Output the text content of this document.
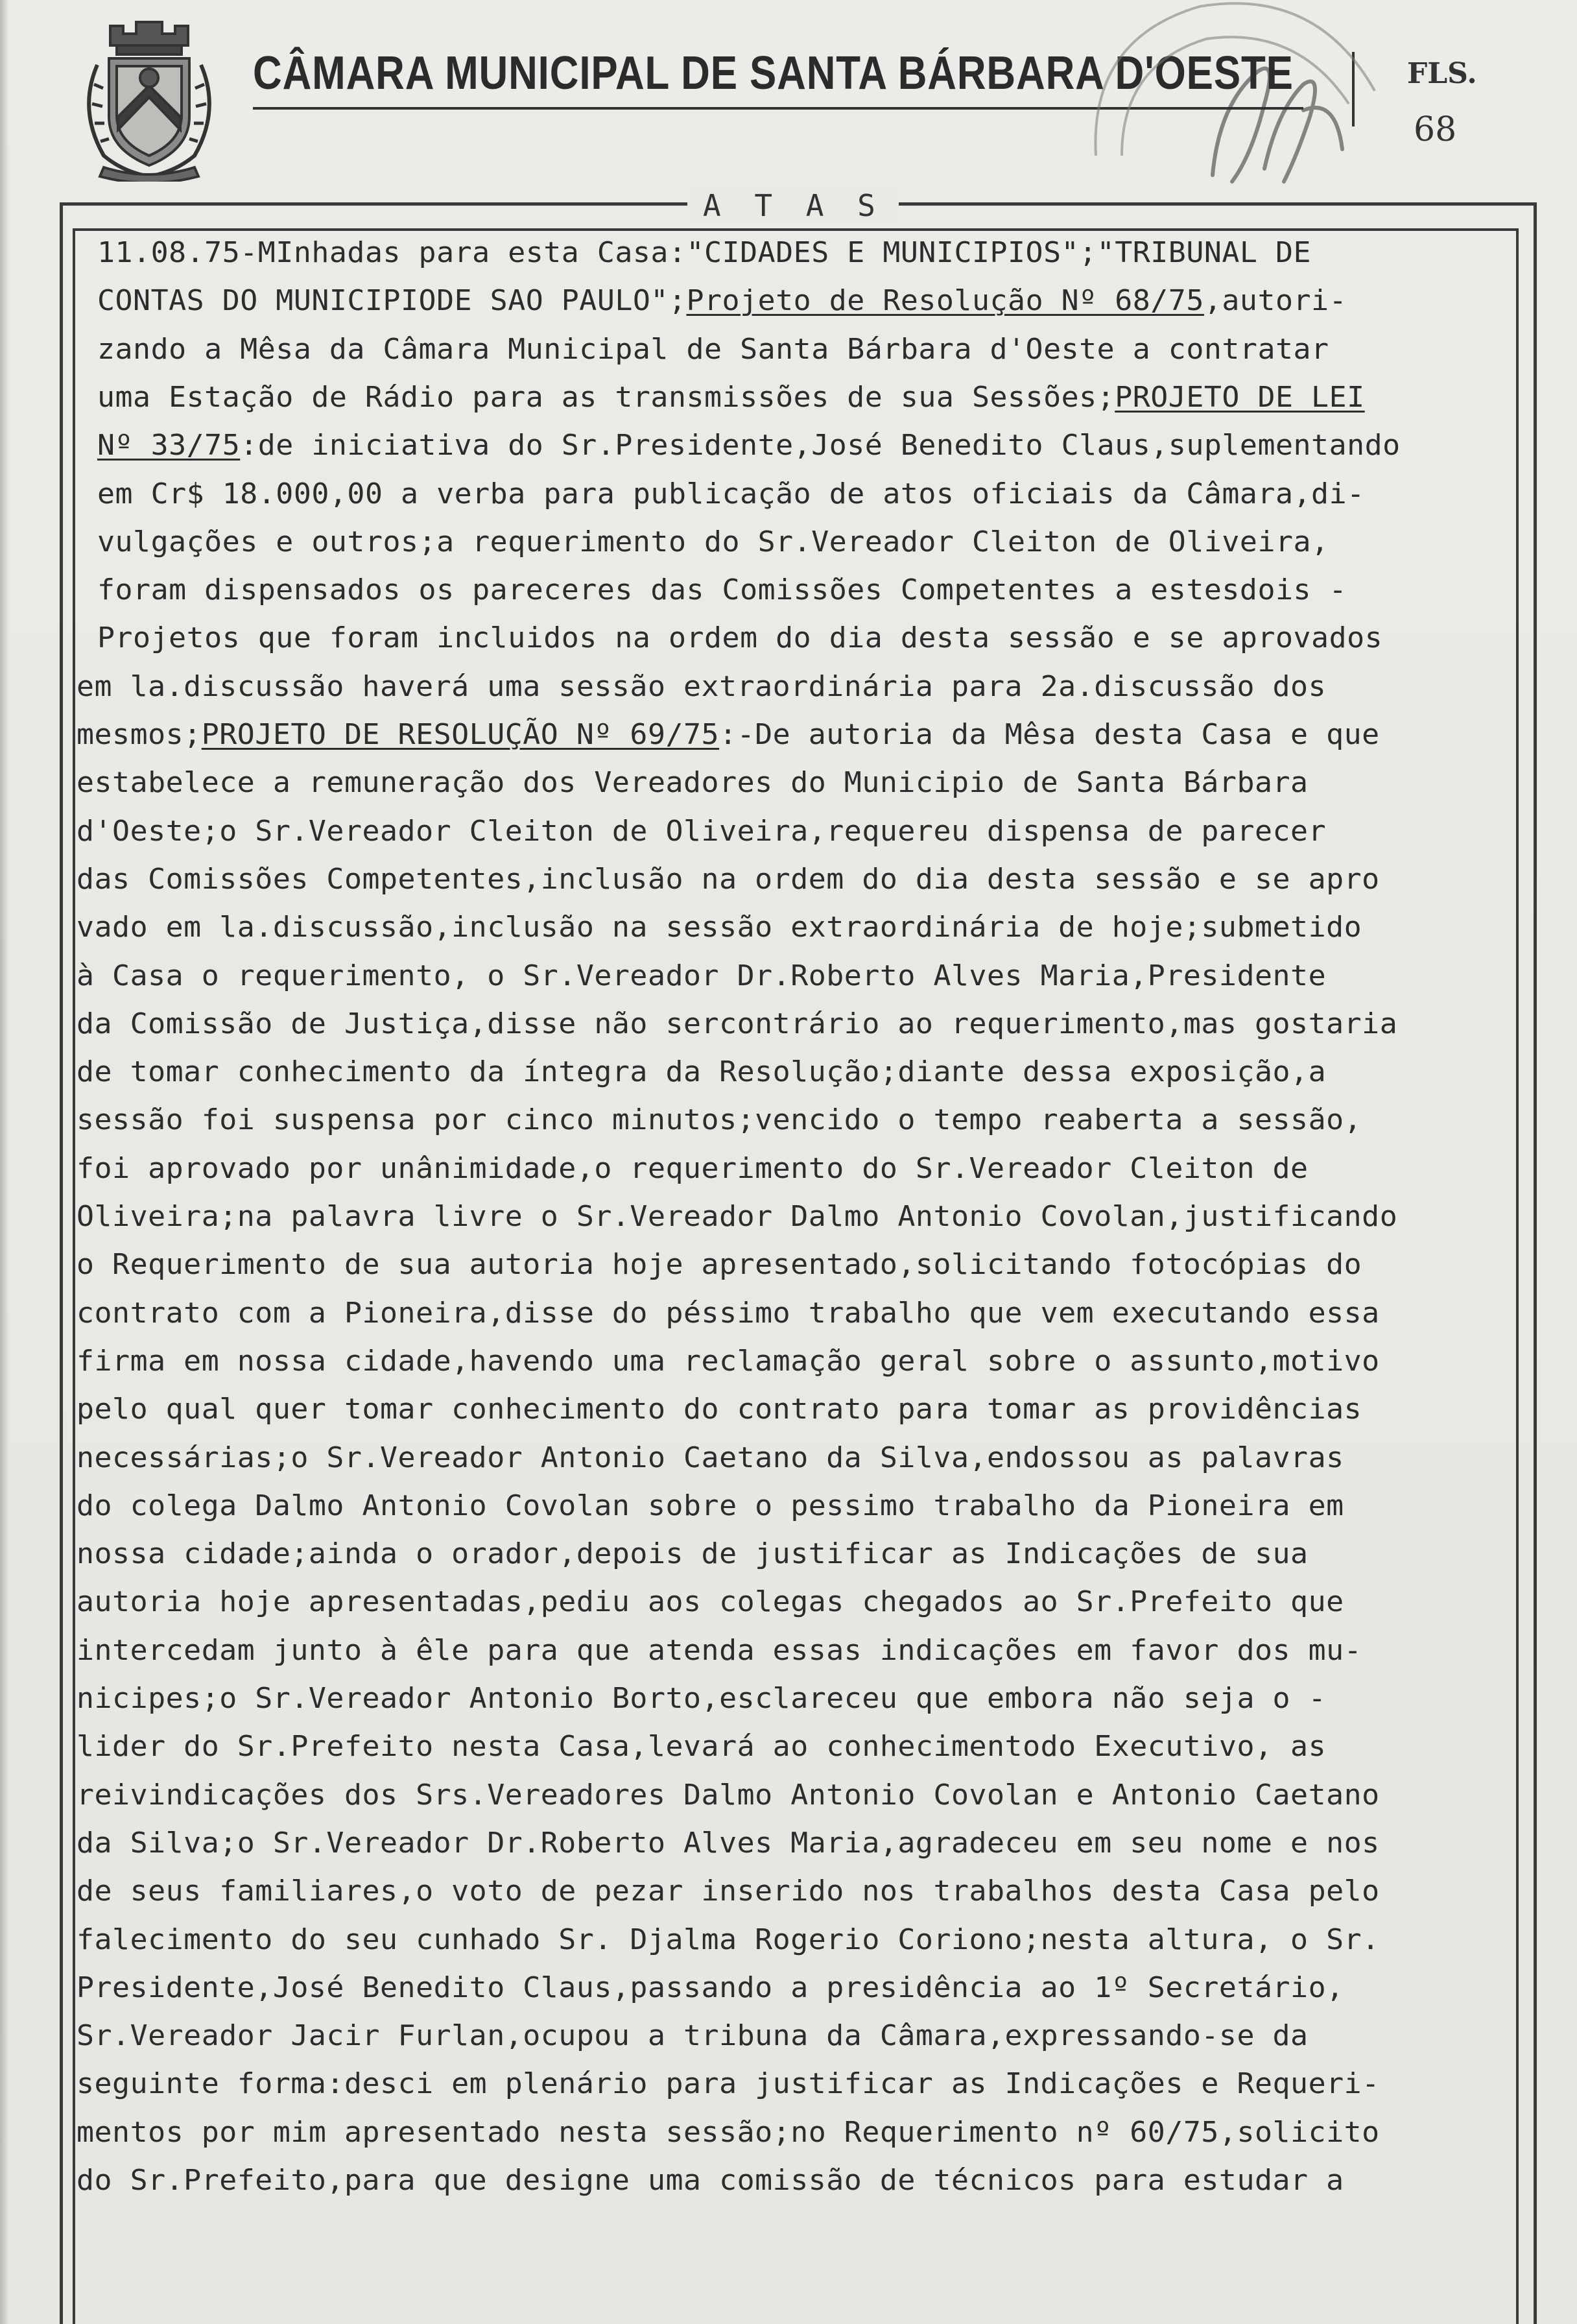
CÂMARA MUNICIPAL DE SANTA BÁRBARA D'OESTE	FLS.
68
A T A S
11.08.75-MInhadas para esta Casa:"CIDADES E MUNICIPIOS";"TRIBUNAL DE
CONTAS DO MUNICIPIODE SAO PAULO";Projeto de Resolução Nº 68/75,autori-
zando a Mêsa da Câmara Municipal de Santa Bárbara d'Oeste a contratar
uma Estação de Rádio para as transmissões de sua Sessões;PROJETO DE LEI
Nº 33/75:de iniciativa do Sr.Presidente,José Benedito Claus,suplementando
em Cr$ 18.000,00 a verba para publicação de atos oficiais da Câmara,di-
vulgações e outros;a requerimento do Sr.Vereador Cleiton de Oliveira,
foram dispensados os pareceres das Comissões Competentes a estesdois -
Projetos que foram incluidos na ordem do dia desta sessão e se aprovados
em la.discussão haverá uma sessão extraordinária para 2a.discussão dos
mesmos;PROJETO DE RESOLUÇÃO Nº 69/75:-De autoria da Mêsa desta Casa e que
estabelece a remuneração dos Vereadores do Municipio de Santa Bárbara
d'Oeste;o Sr.Vereador Cleiton de Oliveira,requereu dispensa de parecer
das Comissões Competentes,inclusão na ordem do dia desta sessão e se apro
vado em la.discussão,inclusão na sessão extraordinária de hoje;submetido
à Casa o requerimento, o Sr.Vereador Dr.Roberto Alves Maria,Presidente
da Comissão de Justiça,disse não sercontrário ao requerimento,mas gostaria
de tomar conhecimento da íntegra da Resolução;diante dessa exposição,a
sessão foi suspensa por cinco minutos;vencido o tempo reaberta a sessão,
foi aprovado por unânimidade,o requerimento do Sr.Vereador Cleiton de
Oliveira;na palavra livre o Sr.Vereador Dalmo Antonio Covolan,justificando
o Requerimento de sua autoria hoje apresentado,solicitando fotocópias do
contrato com a Pioneira,disse do péssimo trabalho que vem executando essa
firma em nossa cidade,havendo uma reclamação geral sobre o assunto,motivo
pelo qual quer tomar conhecimento do contrato para tomar as providências
necessárias;o Sr.Vereador Antonio Caetano da Silva,endossou as palavras
do colega Dalmo Antonio Covolan sobre o pessimo trabalho da Pioneira em
nossa cidade;ainda o orador,depois de justificar as Indicações de sua
autoria hoje apresentadas,pediu aos colegas chegados ao Sr.Prefeito que
intercedam junto à êle para que atenda essas indicações em favor dos mu-
nicipes;o Sr.Vereador Antonio Borto,esclareceu que embora não seja o -
lider do Sr.Prefeito nesta Casa,levará ao conhecimentodo Executivo, as
reivindicações dos Srs.Vereadores Dalmo Antonio Covolan e Antonio Caetano
da Silva;o Sr.Vereador Dr.Roberto Alves Maria,agradeceu em seu nome e nos
de seus familiares,o voto de pezar inserido nos trabalhos desta Casa pelo
falecimento do seu cunhado Sr. Djalma Rogerio Coriono;nesta altura, o Sr.
Presidente,José Benedito Claus,passando a presidência ao 1º Secretário,
Sr.Vereador Jacir Furlan,ocupou a tribuna da Câmara,expressando-se da
seguinte forma:desci em plenário para justificar as Indicações e Requeri-
mentos por mim apresentado nesta sessão;no Requerimento nº 60/75,solicito
do Sr.Prefeito,para que designe uma comissão de técnicos para estudar a
